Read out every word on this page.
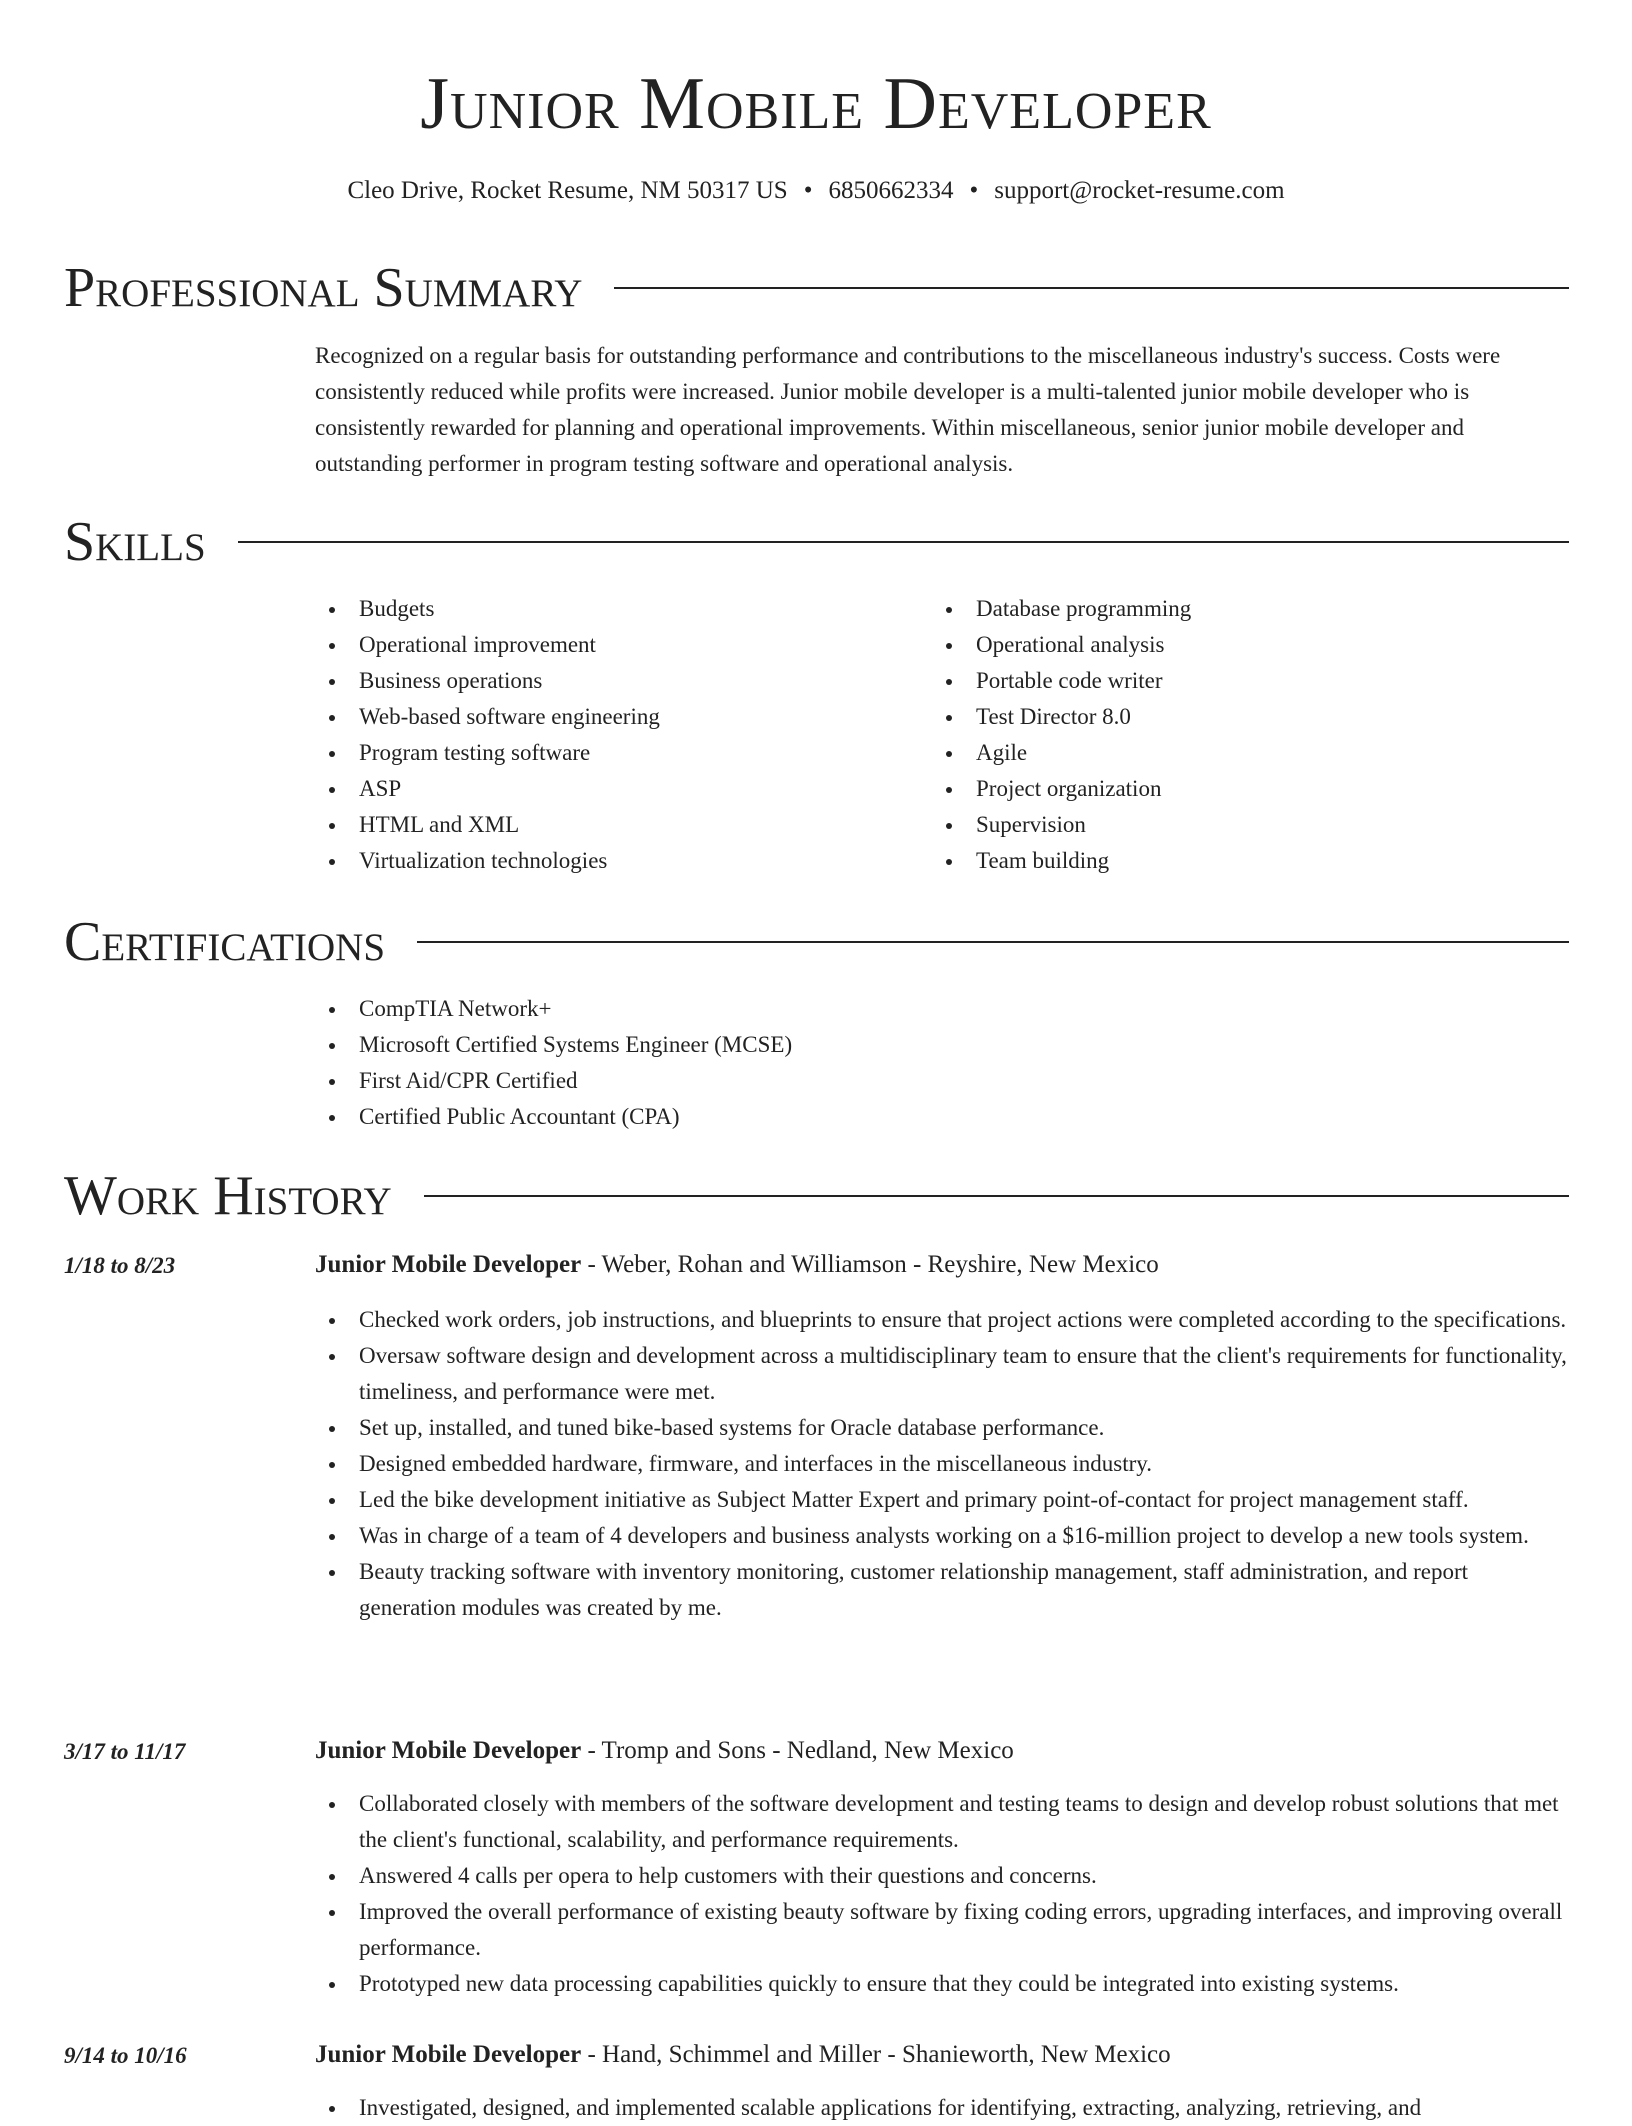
Junior Mobile Developer
Cleo Drive, Rocket Resume, NM 50317 US • 6850662334 • support@rocket-resume.com
Professional Summary

Recognized on a regular basis for outstanding performance and contributions to the miscellaneous industry's success. Costs were consistently reduced while profits were increased. Junior mobile developer is a multi-talented junior mobile developer who is consistently rewarded for planning and operational improvements. Within miscellaneous, senior junior mobile developer and outstanding performer in program testing software and operational analysis.

Skills
Budgets
Operational improvement
Business operations
Web-based software engineering
Program testing software
ASP
HTML and XML
Virtualization technologies
Database programming
Operational analysis
Portable code writer
Test Director 8.0
Agile
Project organization
Supervision
Team building
Certifications
CompTIA Network+
Microsoft Certified Systems Engineer (MCSE)
First Aid/CPR Certified
Certified Public Accountant (CPA)
Work History
1/18 to 8/23	Junior Mobile Developer - Weber, Rohan and Williamson - Reyshire, New Mexico
Checked work orders, job instructions, and blueprints to ensure that project actions were completed according to the specifications.
Oversaw software design and development across a multidisciplinary team to ensure that the client's requirements for functionality, timeliness, and performance were met.
Set up, installed, and tuned bike-based systems for Oracle database performance.
Designed embedded hardware, firmware, and interfaces in the miscellaneous industry.
Led the bike development initiative as Subject Matter Expert and primary point-of-contact for project management staff.
Was in charge of a team of 4 developers and business analysts working on a $16-million project to develop a new tools system.
Beauty tracking software with inventory monitoring, customer relationship management, staff administration, and report generation modules was created by me.
3/17 to 11/17	Junior Mobile Developer - Tromp and Sons - Nedland, New Mexico
Collaborated closely with members of the software development and testing teams to design and develop robust solutions that met the client's functional, scalability, and performance requirements.
Answered 4 calls per opera to help customers with their questions and concerns.
Improved the overall performance of existing beauty software by fixing coding errors, upgrading interfaces, and improving overall performance.
Prototyped new data processing capabilities quickly to ensure that they could be integrated into existing systems.
9/14 to 10/16	Junior Mobile Developer - Hand, Schimmel and Miller - Shanieworth, New Mexico
Investigated, designed, and implemented scalable applications for identifying, extracting, analyzing, retrieving, and
